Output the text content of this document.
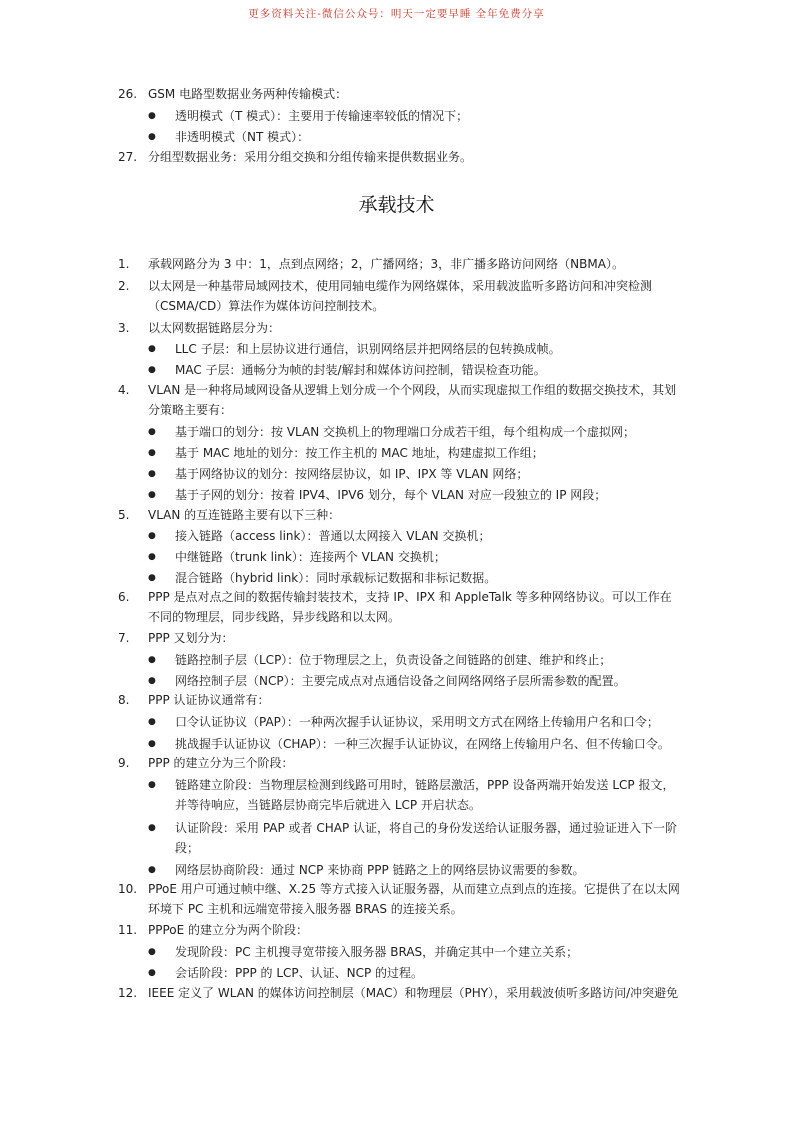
更多资料关注-微信公众号：明天一定要早睡 全年免费分享
26. GSM 电路型数据业务两种传输模式：
● 透明模式（T 模式）：主要用于传输速率较低的情况下；
● 非透明模式（NT 模式）：
27. 分组型数据业务：采用分组交换和分组传输来提供数据业务。
承载技术
1.	承载网路分为 3 中：1，点到点网络；2，广播网络；3，非广播多路访问网络（NBMA）。
2.	以太网是一种基带局域网技术，使用同轴电缆作为网络媒体，采用载波监听多路访问和冲突检测（CSMA/CD）算法作为媒体访问控制技术。
3.	以太网数据链路层分为：
● LLC 子层：和上层协议进行通信，识别网络层并把网络层的包转换成帧。
● MAC 子层：通畅分为帧的封装/解封和媒体访问控制，错误检查功能。
4.	VLAN 是一种将局域网设备从逻辑上划分成一个个网段，从而实现虚拟工作组的数据交换技术，其划分策略主要有：
● 基于端口的划分：按 VLAN 交换机上的物理端口分成若干组，每个组构成一个虚拟网；
● 基于 MAC 地址的划分：按工作主机的 MAC 地址，构建虚拟工作组；
● 基于网络协议的划分：按网络层协议，如 IP、IPX 等 VLAN 网络；
● 基于子网的划分：按着 IPV4、IPV6 划分，每个 VLAN 对应一段独立的 IP 网段；
5.	VLAN 的互连链路主要有以下三种：
● 接入链路（access link）：普通以太网接入 VLAN 交换机；
● 中继链路（trunk link）：连接两个 VLAN 交换机；
● 混合链路（hybrid link）：同时承载标记数据和非标记数据。
6.	PPP 是点对点之间的数据传输封装技术，支持 IP、IPX 和 AppleTalk 等多种网络协议。可以工作在不同的物理层，同步线路，异步线路和以太网。
7.	PPP 又划分为：
● 链路控制子层（LCP）：位于物理层之上，负责设备之间链路的创建、维护和终止；
● 网络控制子层（NCP）：主要完成点对点通信设备之间网络网络子层所需参数的配置。
8.	PPP 认证协议通常有：
● 口令认证协议（PAP）：一种两次握手认证协议，采用明文方式在网络上传输用户名和口令；
● 挑战握手认证协议（CHAP）：一种三次握手认证协议，在网络上传输用户名、但不传输口令。
9.	PPP 的建立分为三个阶段：
● 链路建立阶段：当物理层检测到线路可用时，链路层激活，PPP 设备两端开始发送 LCP 报文，并等待响应，当链路层协商完毕后就进入 LCP 开启状态。
● 认证阶段：采用 PAP 或者 CHAP 认证，将自己的身份发送给认证服务器，通过验证进入下一阶段；
● 网络层协商阶段：通过 NCP 来协商 PPP 链路之上的网络层协议需要的参数。
10. PPoE 用户可通过帧中继、X.25 等方式接入认证服务器，从而建立点到点的连接。它提供了在以太网环境下 PC 主机和远端宽带接入服务器 BRAS 的连接关系。
11. PPPoE 的建立分为两个阶段：
● 发现阶段：PC 主机搜寻宽带接入服务器 BRAS，并确定其中一个建立关系；
● 会话阶段：PPP 的 LCP、认证、NCP 的过程。
12. IEEE 定义了 WLAN 的媒体访问控制层（MAC）和物理层（PHY），采用载波侦听多路访问/冲突避免
